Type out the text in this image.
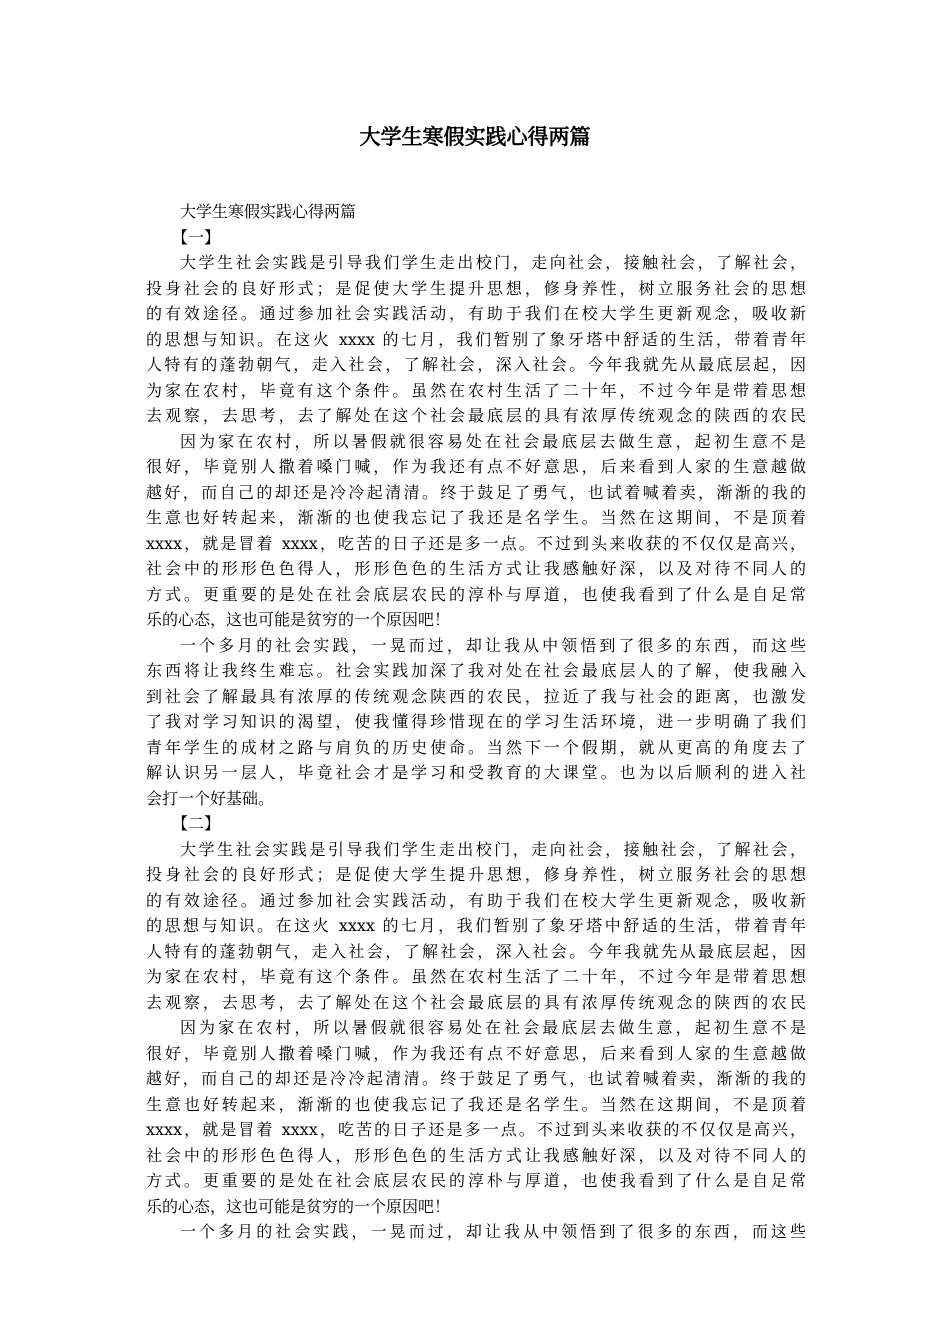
大学生寒假实践心得两篇
大学生寒假实践心得两篇
【一】
大学生社会实践是引导我们学生走出校门，走向社会，接触社会，了解社会，
投身社会的良好形式；是促使大学生提升思想，修身养性，树立服务社会的思想
的有效途径。通过参加社会实践活动，有助于我们在校大学生更新观念，吸收新
的思想与知识。在这火 xxxx 的七月，我们暂别了象牙塔中舒适的生活，带着青年
人特有的蓬勃朝气，走入社会，了解社会，深入社会。今年我就先从最底层起，因
为家在农村，毕竟有这个条件。虽然在农村生活了二十年，不过今年是带着思想
去观察，去思考，去了解处在这个社会最底层的具有浓厚传统观念的陕西的农民
因为家在农村，所以暑假就很容易处在社会最底层去做生意，起初生意不是
很好，毕竟别人撒着嗓门喊，作为我还有点不好意思，后来看到人家的生意越做
越好，而自己的却还是冷冷起清清。终于鼓足了勇气，也试着喊着卖，渐渐的我的
生意也好转起来，渐渐的也使我忘记了我还是名学生。当然在这期间，不是顶着
xxxx，就是冒着 xxxx，吃苦的日子还是多一点。不过到头来收获的不仅仅是高兴，
社会中的形形色色得人，形形色色的生活方式让我感触好深，以及对待不同人的
方式。更重要的是处在社会底层农民的淳朴与厚道，也使我看到了什么是自足常
乐的心态，这也可能是贫穷的一个原因吧！
一个多月的社会实践，一晃而过，却让我从中领悟到了很多的东西，而这些
东西将让我终生难忘。社会实践加深了我对处在社会最底层人的了解，使我融入
到社会了解最具有浓厚的传统观念陕西的农民，拉近了我与社会的距离，也激发
了我对学习知识的渴望，使我懂得珍惜现在的学习生活环境，进一步明确了我们
青年学生的成材之路与肩负的历史使命。当然下一个假期，就从更高的角度去了
解认识另一层人，毕竟社会才是学习和受教育的大课堂。也为以后顺利的进入社
会打一个好基础。
【二】
大学生社会实践是引导我们学生走出校门，走向社会，接触社会，了解社会，
投身社会的良好形式；是促使大学生提升思想，修身养性，树立服务社会的思想
的有效途径。通过参加社会实践活动，有助于我们在校大学生更新观念，吸收新
的思想与知识。在这火 xxxx 的七月，我们暂别了象牙塔中舒适的生活，带着青年
人特有的蓬勃朝气，走入社会，了解社会，深入社会。今年我就先从最底层起，因
为家在农村，毕竟有这个条件。虽然在农村生活了二十年，不过今年是带着思想
去观察，去思考，去了解处在这个社会最底层的具有浓厚传统观念的陕西的农民
因为家在农村，所以暑假就很容易处在社会最底层去做生意，起初生意不是
很好，毕竟别人撒着嗓门喊，作为我还有点不好意思，后来看到人家的生意越做
越好，而自己的却还是冷冷起清清。终于鼓足了勇气，也试着喊着卖，渐渐的我的
生意也好转起来，渐渐的也使我忘记了我还是名学生。当然在这期间，不是顶着
xxxx，就是冒着 xxxx，吃苦的日子还是多一点。不过到头来收获的不仅仅是高兴，
社会中的形形色色得人，形形色色的生活方式让我感触好深，以及对待不同人的
方式。更重要的是处在社会底层农民的淳朴与厚道，也使我看到了什么是自足常
乐的心态，这也可能是贫穷的一个原因吧！
一个多月的社会实践，一晃而过，却让我从中领悟到了很多的东西，而这些
